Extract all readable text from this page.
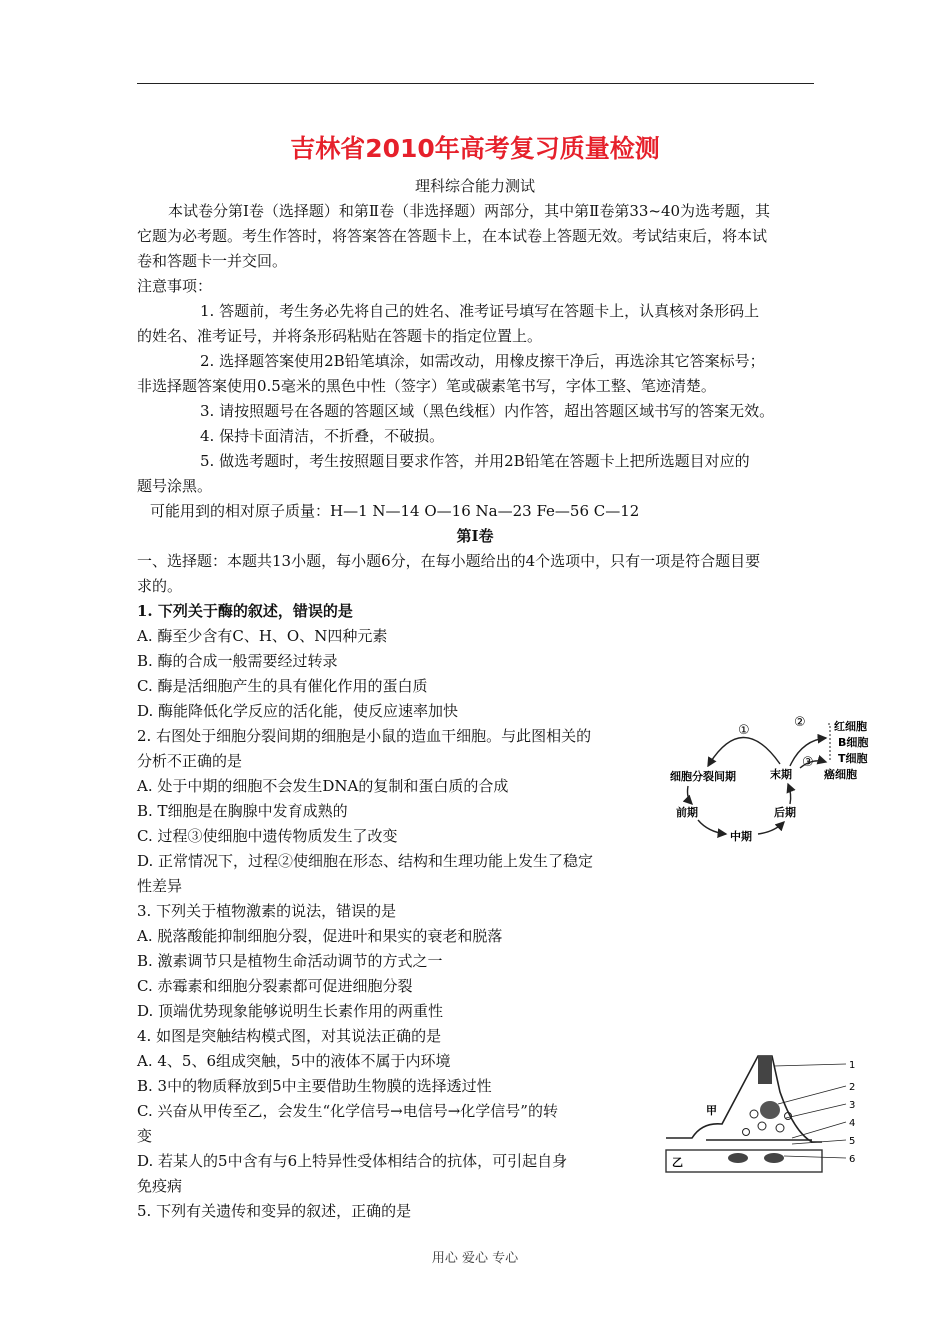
吉林省2010年高考复习质量检测
理科综合能力测试
本试卷分第Ⅰ卷（选择题）和第Ⅱ卷（非选择题）两部分，其中第Ⅱ卷第33~40为选考题，其
它题为必考题。考生作答时，将答案答在答题卡上，在本试卷上答题无效。考试结束后，将本试
卷和答题卡一并交回。
注意事项：
1. 答题前，考生务必先将自己的姓名、准考证号填写在答题卡上，认真核对条形码上
的姓名、准考证号，并将条形码粘贴在答题卡的指定位置上。
2. 选择题答案使用2B铅笔填涂，如需改动，用橡皮擦干净后，再选涂其它答案标号；
非选择题答案使用0.5毫米的黑色中性（签字）笔或碳素笔书写，字体工整、笔迹清楚。
3. 请按照题号在各题的答题区域（黑色线框）内作答，超出答题区域书写的答案无效。
4. 保持卡面清洁，不折叠，不破损。
5. 做选考题时，考生按照题目要求作答，并用2B铅笔在答题卡上把所选题目对应的
题号涂黑。
可能用到的相对原子质量：H—1 N—14 O—16 Na—23 Fe—56 C—12
第Ⅰ卷
一、选择题：本题共13小题，每小题6分，在每小题给出的4个选项中，只有一项是符合题目要
求的。
1. 下列关于酶的叙述，错误的是
A. 酶至少含有C、H、O、N四种元素
B. 酶的合成一般需要经过转录
C. 酶是活细胞产生的具有催化作用的蛋白质
D. 酶能降低化学反应的活化能，使反应速率加快
2. 右图处于细胞分裂间期的细胞是小鼠的造血干细胞。与此图相关的
分析不正确的是
A. 处于中期的细胞不会发生DNA的复制和蛋白质的合成
B. T细胞是在胸腺中发育成熟的
C. 过程③使细胞中遗传物质发生了改变
D. 正常情况下，过程②使细胞在形态、结构和生理功能上发生了稳定
性差异
3. 下列关于植物激素的说法，错误的是
A. 脱落酸能抑制细胞分裂，促进叶和果实的衰老和脱落
B. 激素调节只是植物生命活动调节的方式之一
C. 赤霉素和细胞分裂素都可促进细胞分裂
D. 顶端优势现象能够说明生长素作用的两重性
4. 如图是突触结构模式图，对其说法正确的是
A. 4、5、6组成突触，5中的液体不属于内环境
B. 3中的物质释放到5中主要借助生物膜的选择透过性
C. 兴奋从甲传至乙，会发生“化学信号→电信号→化学信号”的转
变
D. 若某人的5中含有与6上特异性受体相结合的抗体，可引起自身
免疫病
5. 下列有关遗传和变异的叙述，正确的是
细胞分裂间期	末期
前期	后期
中期
癌细胞
红细胞
B细胞
T细胞
①
②
③
甲
乙
1
2
3
4
5
6
用心 爱心 专心
